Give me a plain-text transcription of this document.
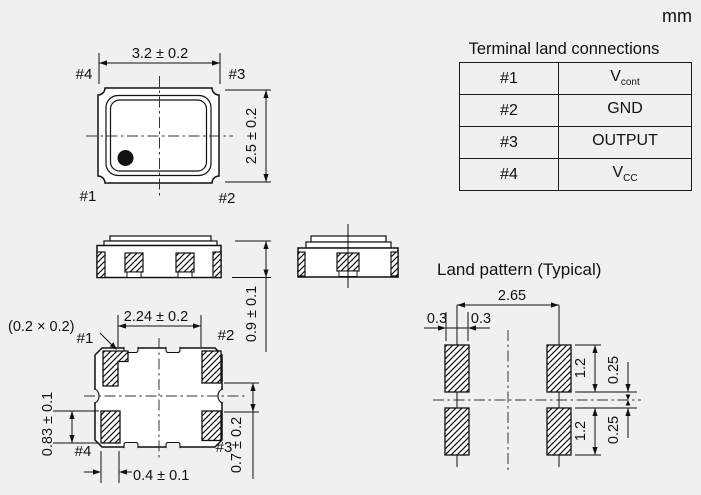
mm
Terminal land connections
#1	$V_{cont}$
#2	GND
#3	OUTPUT
#4	$V_{CC}$
3.2 ± 0.2
2.5 ± 0.2
#4	#3
#1	#2
0.9 ± 0.1
(0.2 × 0.2)
2.24 ± 0.2
0.83 ± 0.1
0.4 ± 0.1
0.7 ± 0.2
#1	#2
#4	#3
Land pattern (Typical)
2.65
0.3 0.3
1.2
1.2
0.25
0.25
